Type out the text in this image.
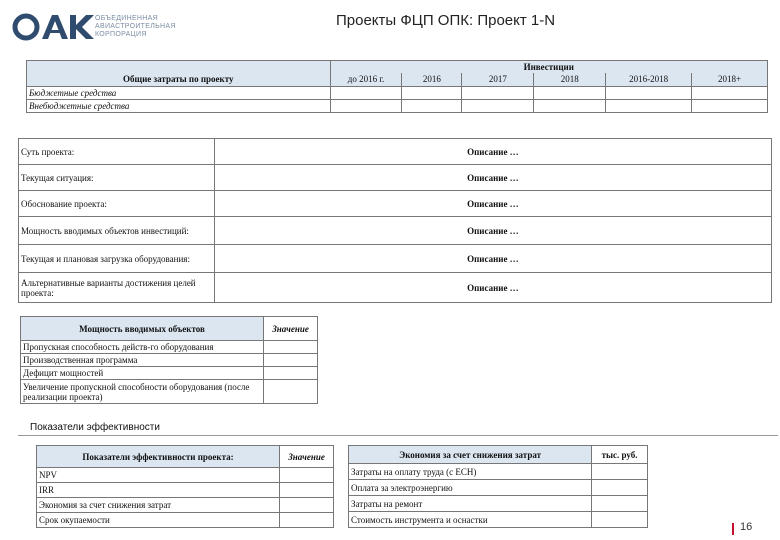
ОБЪЕДИНЕННАЯ
АВИАСТРОИТЕЛЬНАЯ
КОРПОРАЦИЯ
Проекты ФЦП ОПК: Проект 1-N
	Инвестиции					
Общие затраты по проекту	до 2016 г.	2016	2017	2018	2016-2018	2018+
Бюджетные средства						
Внебюджетные средства						
Суть проекта:	Описание …
Текущая ситуация:	Описание …
Обоснование проекта:	Описание …
Мощность вводимых объектов инвестиций:	Описание …
Текущая и плановая загрузка оборудования:	Описание …
Альтернативные варианты достижения целей проекта:	Описание …
Мощность вводимых объектов	Значение
Пропускная способность действ-го оборудования	
Производственная программа	
Дефицит мощностей	
Увеличение пропускной способности оборудования (после реализации проекта)	
Показатели эффективности
Показатели эффективности проекта:	Значение
NPV	
IRR	
Экономия за счет снижения затрат	
Срок окупаемости	
Экономия за счет снижения затрат	тыс. руб.
Затраты на оплату труда (с ЕСН)	
Оплата за электроэнергию	
Затраты на ремонт	
Стоимость инструмента и оснастки	
16
